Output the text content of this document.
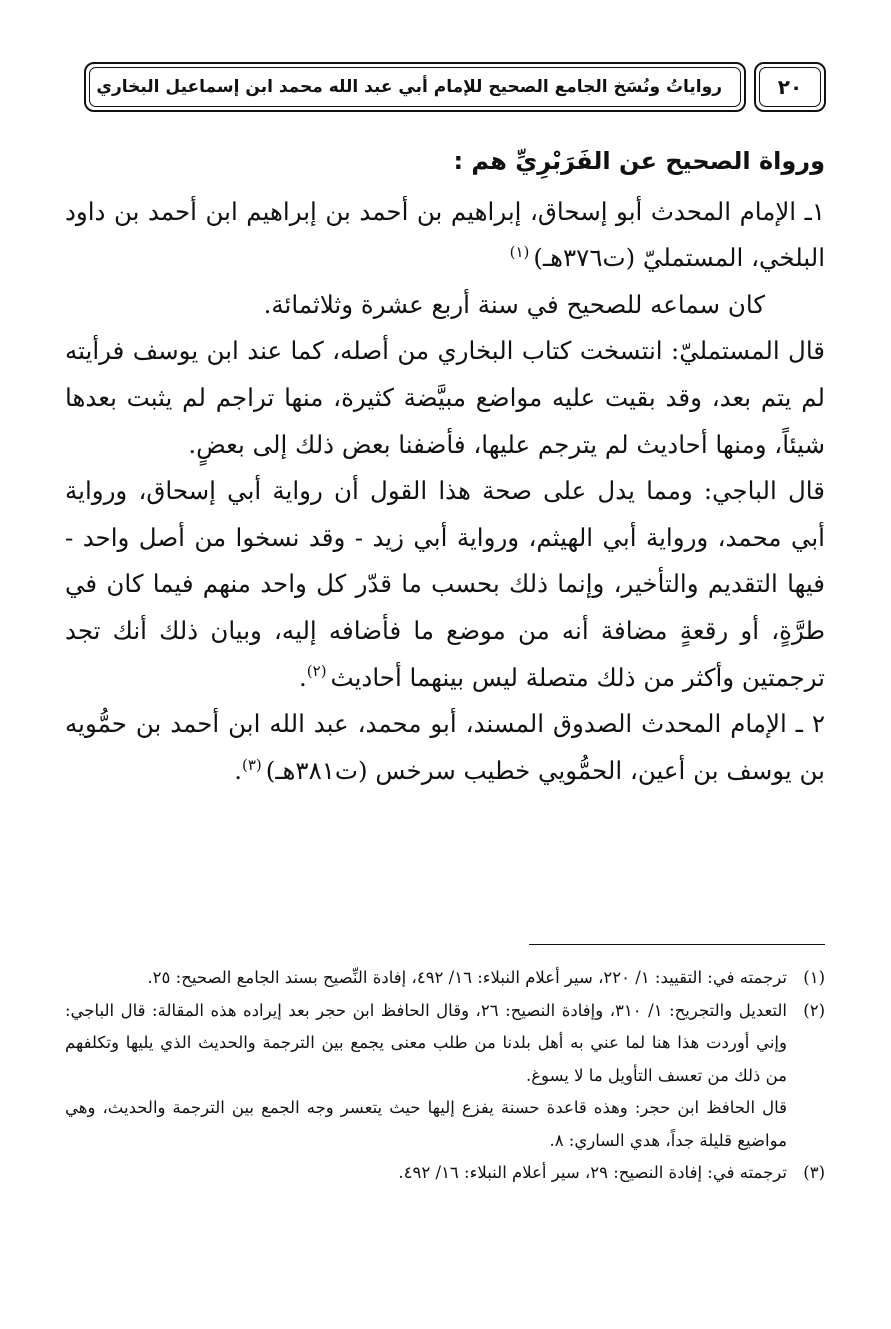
٢٠
رواياتُ ونُسَخ الجامع الصحيح للإمام أبي عبد الله محمد ابن إسماعيل البخاري

ورواة الصحيح عن الفَرَبْرِيِّ هم :

١ـ الإمام المحدث أبو إسحاق، إبراهيم بن أحمد بن إبراهيم ابن أحمد بن داود البلخي، المستمليّ (ت٣٧٦هـ)$^{(١)}$

كان سماعه للصحيح في سنة أربع عشرة وثلاثمائة.

قال المستمليّ: انتسخت كتاب البخاري من أصله، كما عند ابن يوسف فرأيته لم يتم بعد، وقد بقيت عليه مواضع مبيَّضة كثيرة، منها تراجم لم يثبت بعدها شيئاً، ومنها أحاديث لم يترجم عليها، فأضفنا بعض ذلك إلى بعضٍ.

قال الباجي: ومما يدل على صحة هذا القول أن رواية أبي إسحاق، ورواية أبي محمد، ورواية أبي الهيثم، ورواية أبي زيد - وقد نسخوا من أصل واحد - فيها التقديم والتأخير، وإنما ذلك بحسب ما قدّر كل واحد منهم فيما كان في طرَّةٍ، أو رقعةٍ مضافة أنه من موضع ما فأضافه إليه، وبيان ذلك أنك تجد ترجمتين وأكثر من ذلك متصلة ليس بينهما أحاديث$^{(٢)}$.

٢ ـ الإمام المحدث الصدوق المسند، أبو محمد، عبد الله ابن أحمد بن حمُّويه بن يوسف بن أعين، الحمُّويي خطيب سرخس (ت٣٨١هـ)$^{(٣)}$.

(١)

ترجمته في: التقييد: ١/ ٢٢٠، سير أعلام النبلاء: ١٦/ ٤٩٢، إفادة النِّصيح بسند الجامع الصحيح: ٢٥.

(٢)

التعديل والتجريح: ١/ ٣١٠، وإفادة النصيح: ٢٦، وقال الحافظ ابن حجر بعد إيراده هذه المقالة: قال الباجي: وإني أوردت هذا هنا لما عني به أهل بلدنا من طلب معنى يجمع بين الترجمة والحديث الذي يليها وتكلفهم من ذلك من تعسف التأويل ما لا يسوغ.

قال الحافظ ابن حجر: وهذه قاعدة حسنة يفزع إليها حيث يتعسر وجه الجمع بين الترجمة والحديث، وهي مواضيع قليلة جداً، هدي الساري: ٨.

(٣)

ترجمته في: إفادة النصيح: ٢٩، سير أعلام النبلاء: ١٦/ ٤٩٢.
